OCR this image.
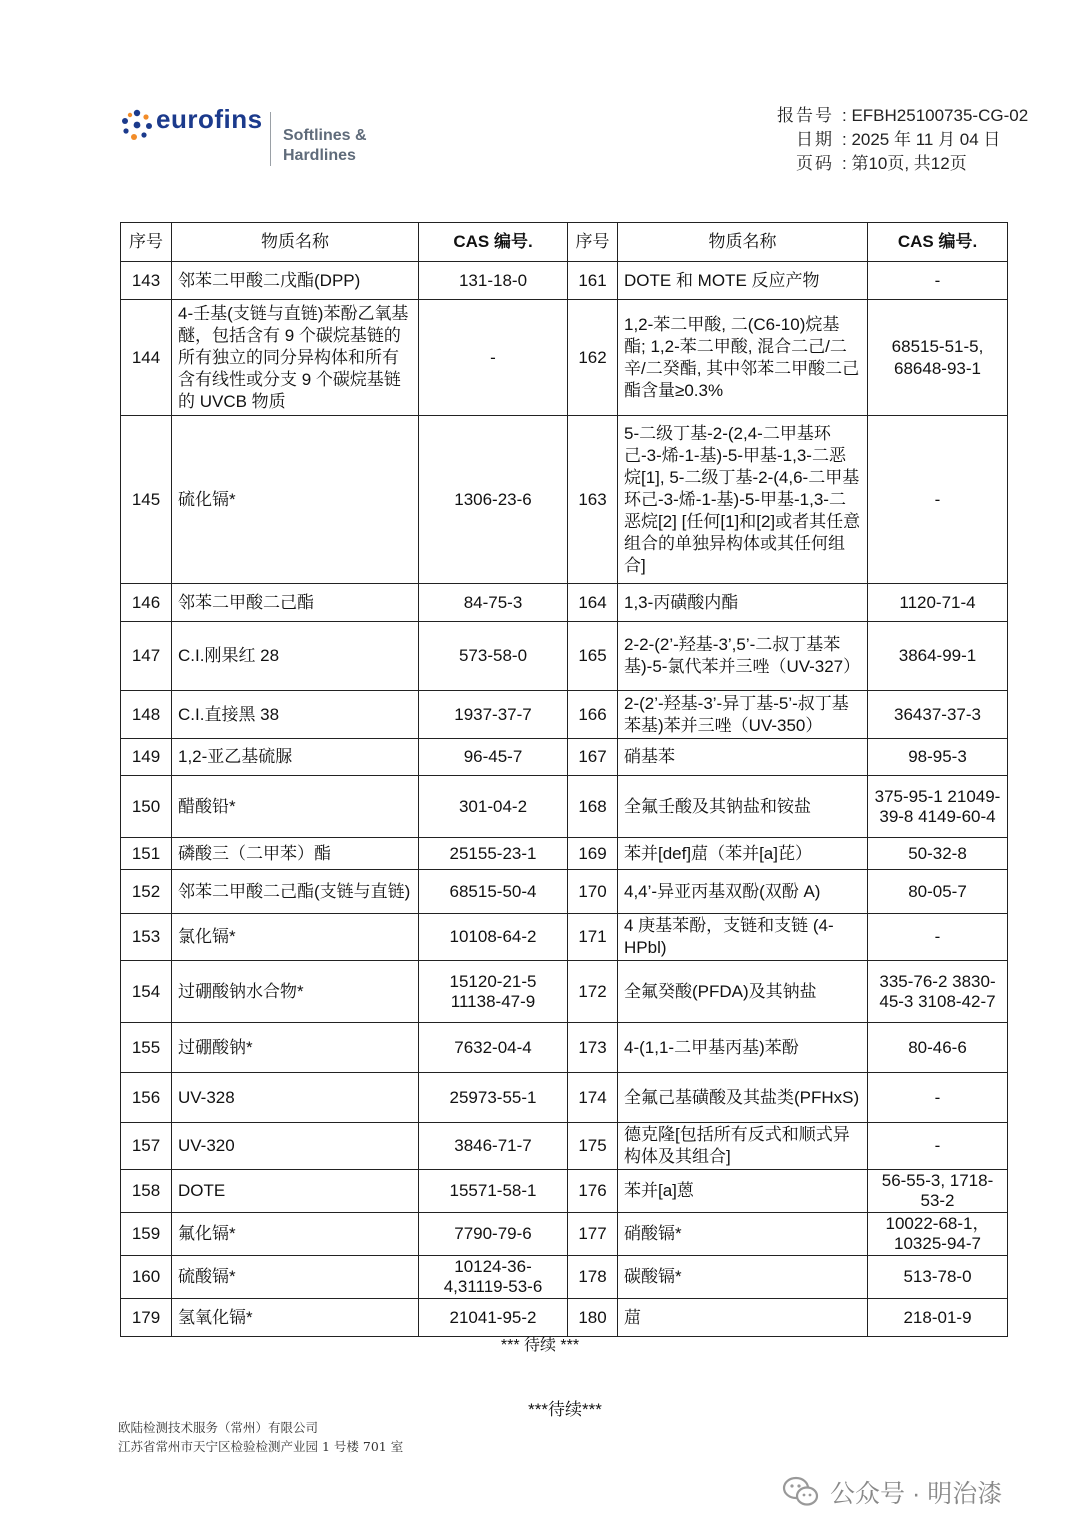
eurofins
Softlines &
Hardlines
报告号 : EFBH25100735-CG-02
日期 : 2025 年 11 月 04 日
页码 : 第10页, 共12页
序号	物质名称	CAS 编号.	序号	物质名称	CAS 编号.
143	邻苯二甲酸二戊酯(DPP)	131-18-0	161	DOTE 和 MOTE 反应产物	-
144	4-壬基(支链与直链)苯酚乙氧基醚，包括含有 9 个碳烷基链的所有独立的同分异构体和所有含有线性或分支 9 个碳烷基链的 UVCB 物质	-	162	1,2-苯二甲酸, 二(C6-10)烷基酯; 1,2-苯二甲酸, 混合二己/二辛/二癸酯, 其中邻苯二甲酸二己酯含量≥0.3%	68515-51-5, 68648-93-1
145	硫化镉*	1306-23-6	163	5-二级丁基-2-(2,4-二甲基环己-3-烯-1-基)-5-甲基-1,3-二恶烷[1], 5-二级丁基-2-(4,6-二甲基环己-3-烯-1-基)-5-甲基-1,3-二恶烷[2] [任何[1]和[2]或者其任意组合的单独异构体或其任何组合]	-
146	邻苯二甲酸二己酯	84-75-3	164	1,3-丙磺酸内酯	1120-71-4
147	C.I.刚果红 28	573-58-0	165	2-2-(2’-羟基-3’,5’-二叔丁基苯基)-5-氯代苯并三唑（UV-327）	3864-99-1
148	C.I.直接黑 38	1937-37-7	166	2-(2’-羟基-3’-异丁基-5’-叔丁基苯基)苯并三唑（UV-350）	36437-37-3
149	1,2-亚乙基硫脲	96-45-7	167	硝基苯	98-95-3
150	醋酸铅*	301-04-2	168	全氟壬酸及其钠盐和铵盐	375-95-1 21049-39-8 4149-60-4
151	磷酸三（二甲苯）酯	25155-23-1	169	苯并[def]䓛（苯并[a]芘）	50-32-8
152	邻苯二甲酸二己酯(支链与直链)	68515-50-4	170	4,4’-异亚丙基双酚(双酚 A)	80-05-7
153	氯化镉*	10108-64-2	171	4 庚基苯酚，支链和支链 (4-HPbl)	-
154	过硼酸钠水合物*	15120-21-5 11138-47-9	172	全氟癸酸(PFDA)及其钠盐	335-76-2 3830-45-3 3108-42-7
155	过硼酸钠*	7632-04-4	173	4-(1,1-二甲基丙基)苯酚	80-46-6
156	UV-328	25973-55-1	174	全氟己基磺酸及其盐类(PFHxS)	-
157	UV-320	3846-71-7	175	德克隆[包括所有反式和顺式异构体及其组合]	-
158	DOTE	15571-58-1	176	苯并[a]蒽	56-55-3, 1718-53-2
159	氟化镉*	7790-79-6	177	硝酸镉*	10022-68-1， 10325-94-7
160	硫酸镉*	10124-36-4,31119-53-6	178	碳酸镉*	513-78-0
179	氢氧化镉*	21041-95-2	180	䓛	218-01-9
*** 待续 ***
***待续***
欧陆检测技术服务（常州）有限公司
江苏省常州市天宁区检验检测产业园 1 号楼 701 室
公众号 · 明治漆
